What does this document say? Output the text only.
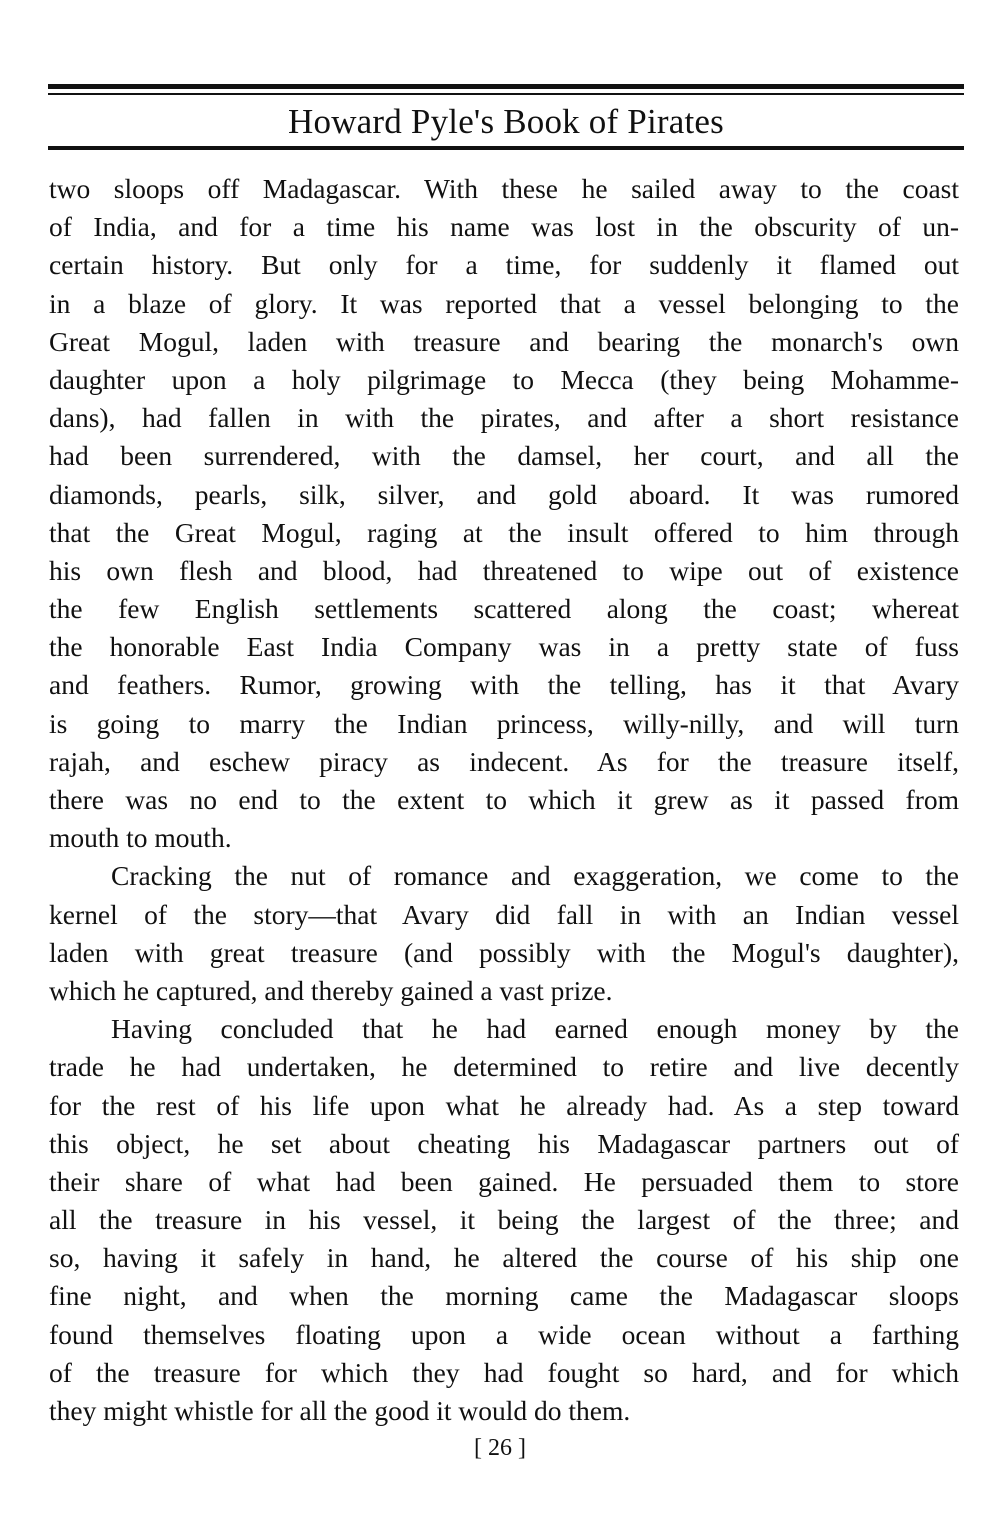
Howard Pyle's Book of Pirates
two sloops off Madagascar. With these he sailed away to the coast
of India, and for a time his name was lost in the obscurity of un-
certain history. But only for a time, for suddenly it flamed out
in a blaze of glory. It was reported that a vessel belonging to the
Great Mogul, laden with treasure and bearing the monarch's own
daughter upon a holy pilgrimage to Mecca (they being Mohamme-
dans), had fallen in with the pirates, and after a short resistance
had been surrendered, with the damsel, her court, and all the
diamonds, pearls, silk, silver, and gold aboard. It was rumored
that the Great Mogul, raging at the insult offered to him through
his own flesh and blood, had threatened to wipe out of existence
the few English settlements scattered along the coast; whereat
the honorable East India Company was in a pretty state of fuss
and feathers. Rumor, growing with the telling, has it that Avary
is going to marry the Indian princess, willy-nilly, and will turn
rajah, and eschew piracy as indecent. As for the treasure itself,
there was no end to the extent to which it grew as it passed from
mouth to mouth.
Cracking the nut of romance and exaggeration, we come to the
kernel of the story—that Avary did fall in with an Indian vessel
laden with great treasure (and possibly with the Mogul's daughter),
which he captured, and thereby gained a vast prize.
Having concluded that he had earned enough money by the
trade he had undertaken, he determined to retire and live decently
for the rest of his life upon what he already had. As a step toward
this object, he set about cheating his Madagascar partners out of
their share of what had been gained. He persuaded them to store
all the treasure in his vessel, it being the largest of the three; and
so, having it safely in hand, he altered the course of his ship one
fine night, and when the morning came the Madagascar sloops
found themselves floating upon a wide ocean without a farthing
of the treasure for which they had fought so hard, and for which
they might whistle for all the good it would do them.
[ 26 ]
